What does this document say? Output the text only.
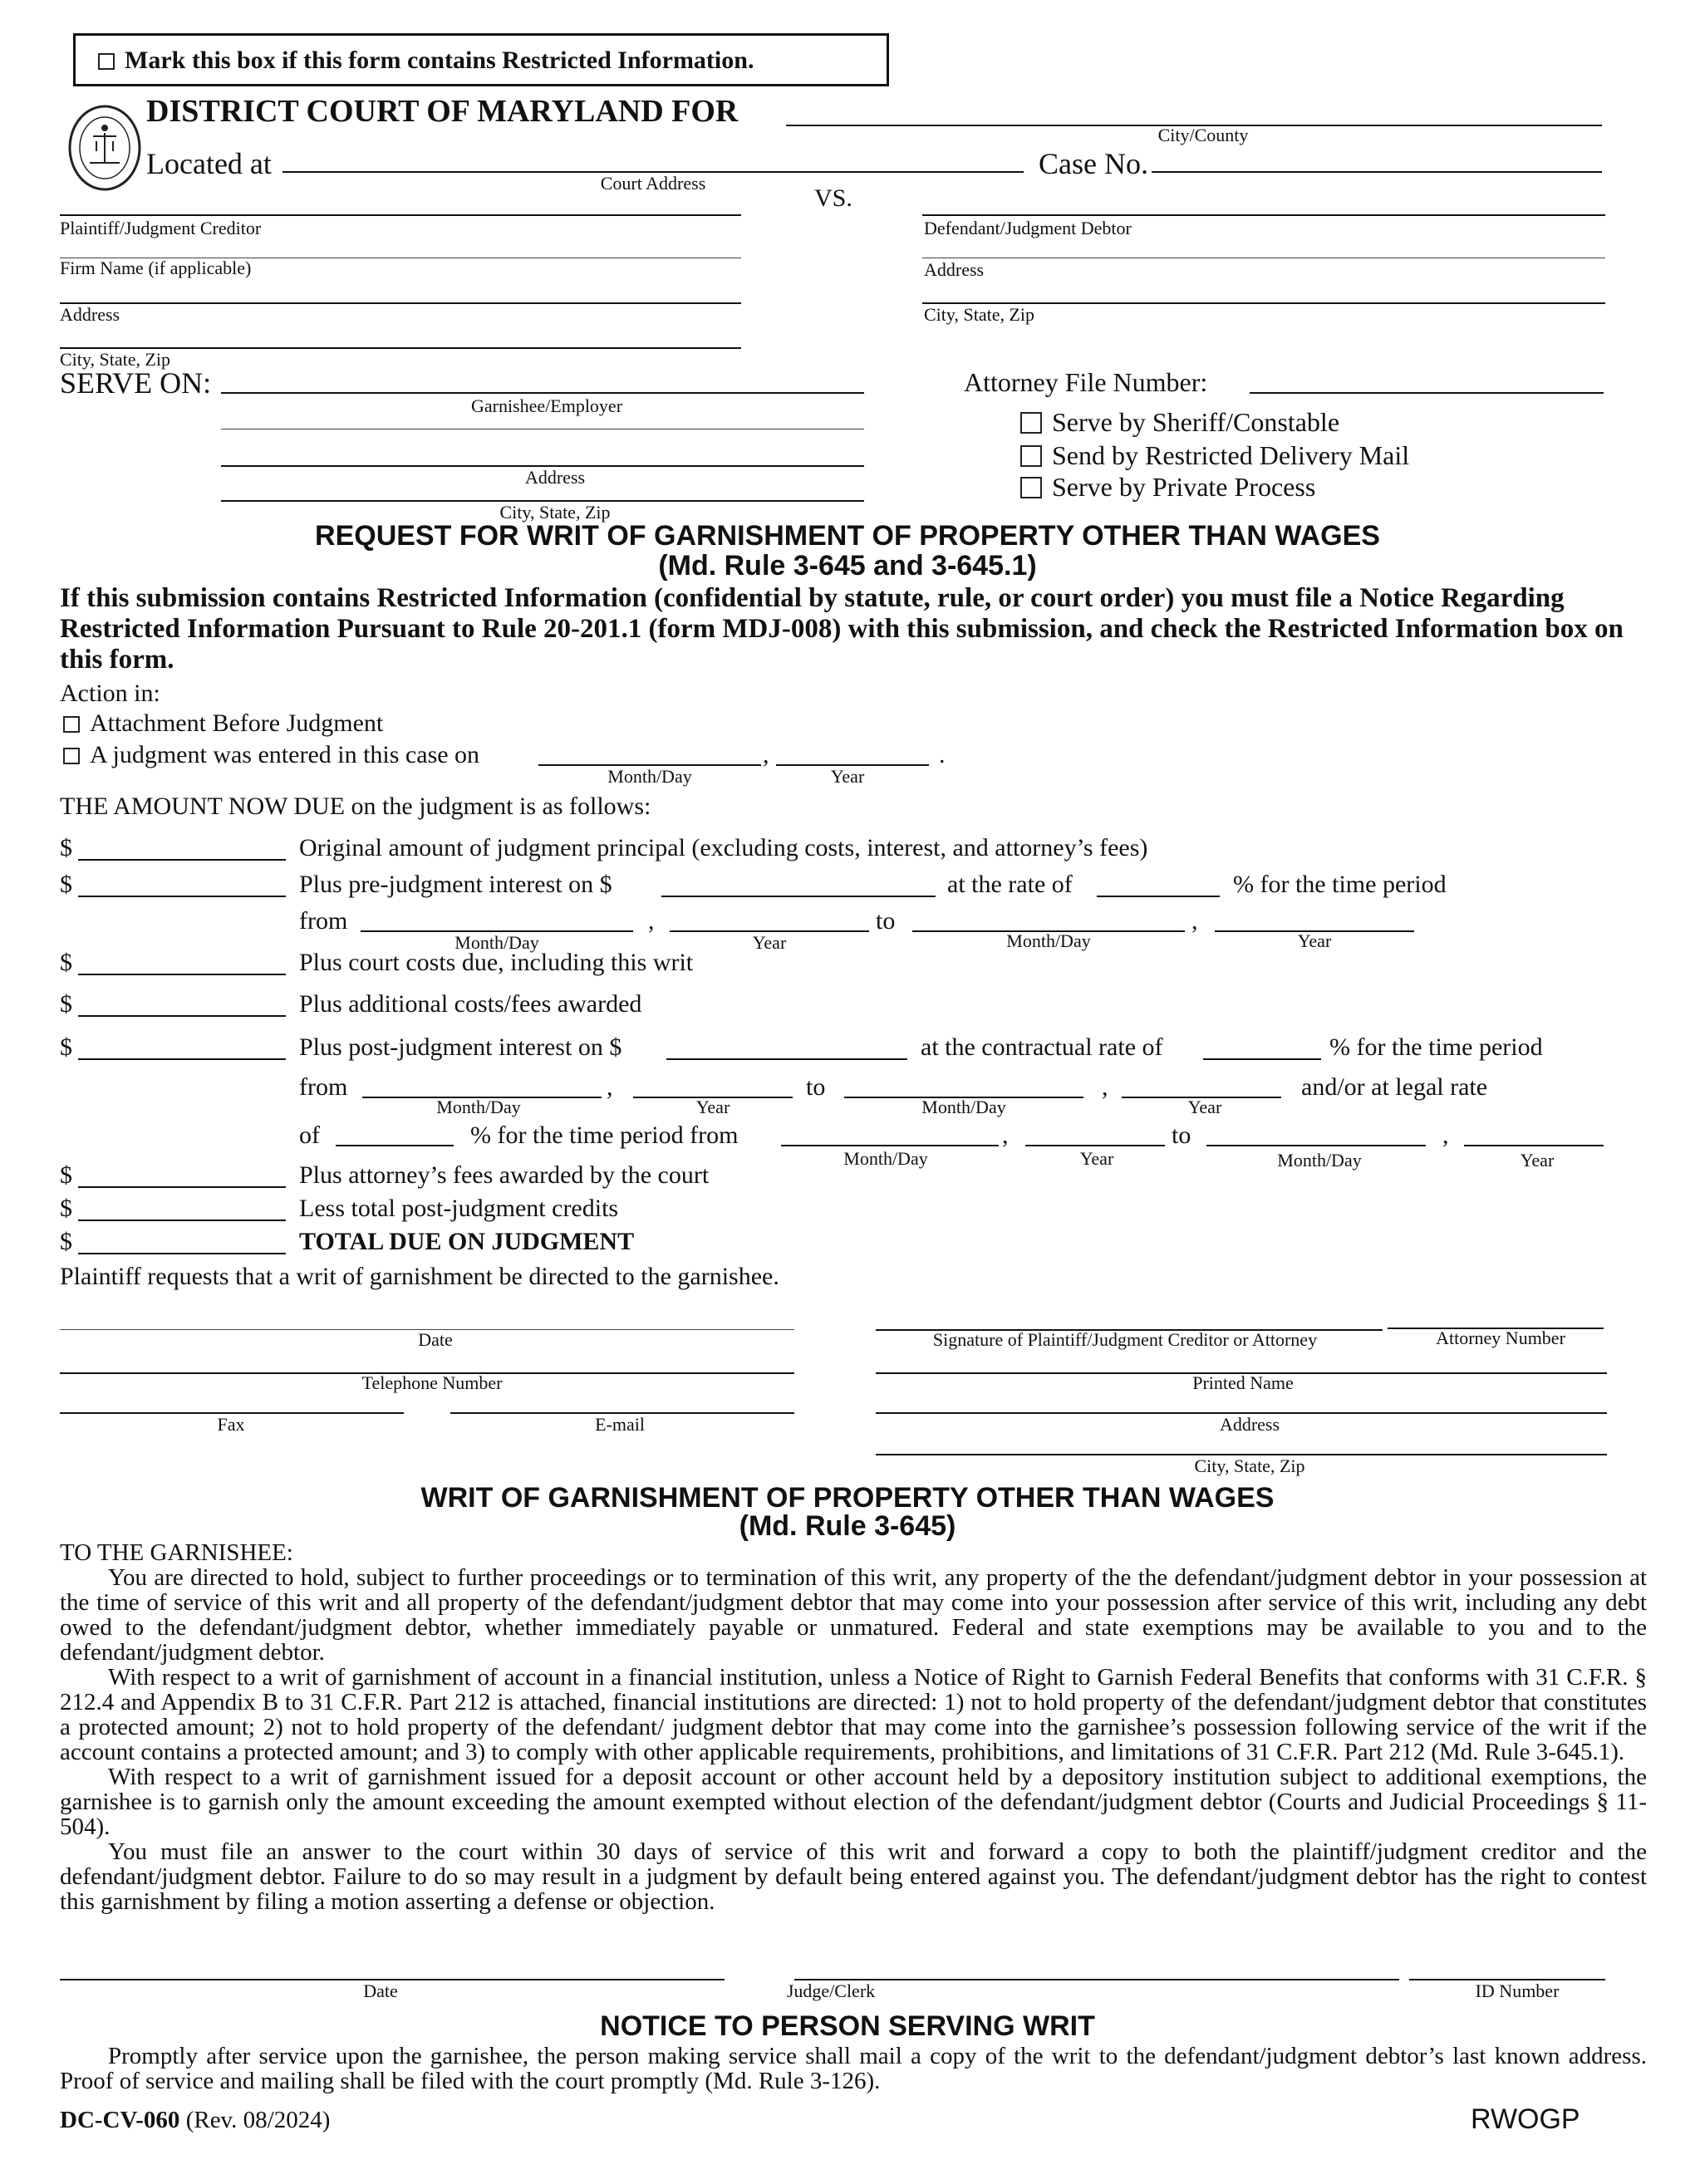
Mark this box if this form contains Restricted Information.
DISTRICT COURT OF MARYLAND FOR
City/County
Located at
Court Address
Case No.
VS.
Plaintiff/Judgment Creditor
Firm Name (if applicable)
Address
City, State, Zip
Defendant/Judgment Debtor
Address
City, State, Zip
SERVE ON:
Garnishee/Employer
Address
City, State, Zip
Attorney File Number:
Serve by Sheriff/Constable
Send by Restricted Delivery Mail
Serve by Private Process
REQUEST FOR WRIT OF GARNISHMENT OF PROPERTY OTHER THAN WAGES
(Md. Rule 3-645 and 3-645.1)
If this submission contains Restricted Information (confidential by statute, rule, or court order) you must file a Notice Regarding Restricted Information Pursuant to Rule 20-201.1 (form MDJ-008) with this submission, and check the Restricted Information box on this form.
Action in:
Attachment Before Judgment
A judgment was entered in this case on
Month/Day
,
Year
.
THE AMOUNT NOW DUE on the judgment is as follows:
$	Original amount of judgment principal (excluding costs, interest, and attorney’s fees)
$	Plus pre-judgment interest on $	at the rate of	% for the time period
from
Month/Day
,
Year
to
Month/Day
,
Year
$	Plus court costs due, including this writ
$	Plus additional costs/fees awarded
$	Plus post-judgment interest on $	at the contractual rate of	% for the time period
from
Month/Day
,
Year
to
Month/Day
,
Year
and/or at legal rate
of	% for the time period from
Month/Day
,
Year
to
Month/Day
,
Year
$	Plus attorney’s fees awarded by the court
$	Less total post-judgment credits
$	TOTAL DUE ON JUDGMENT
Plaintiff requests that a writ of garnishment be directed to the garnishee.
Date	Signature of Plaintiff/Judgment Creditor or Attorney	Attorney Number
Telephone Number	Printed Name
Fax	E-mail	Address
City, State, Zip
WRIT OF GARNISHMENT OF PROPERTY OTHER THAN WAGES
(Md. Rule 3-645)

TO THE GARNISHEE:

You are directed to hold, subject to further proceedings or to termination of this writ, any property of the the defendant/judgment debtor in your possession at the time of service of this writ and all property of the defendant/judgment debtor that may come into your possession after service of this writ, including any debt owed to the defendant/judgment debtor, whether immediately payable or unmatured. Federal and state exemptions may be available to you and to the defendant/judgment debtor.

With respect to a writ of garnishment of account in a financial institution, unless a Notice of Right to Garnish Federal Benefits that conforms with 31 C.F.R. § 212.4 and Appendix B to 31 C.F.R. Part 212 is attached, financial institutions are directed: 1) not to hold property of the defendant/judgment debtor that constitutes a protected amount; 2) not to hold property of the defendant/ judgment debtor that may come into the garnishee’s possession following service of the writ if the account contains a protected amount; and 3) to comply with other applicable requirements, prohibitions, and limitations of 31 C.F.R. Part 212 (Md. Rule 3-645.1).

With respect to a writ of garnishment issued for a deposit account or other account held by a depository institution subject to additional exemptions, the garnishee is to garnish only the amount exceeding the amount exempted without election of the defendant/judgment debtor (Courts and Judicial Proceedings § 11-504).

You must file an answer to the court within 30 days of service of this writ and forward a copy to both the plaintiff/judgment creditor and the defendant/judgment debtor. Failure to do so may result in a judgment by default being entered against you. The defendant/judgment debtor has the right to contest this garnishment by filing a motion asserting a defense or objection.

Date	Judge/Clerk	ID Number
NOTICE TO PERSON SERVING WRIT

Promptly after service upon the garnishee, the person making service shall mail a copy of the writ to the defendant/judgment debtor’s last known address. Proof of service and mailing shall be filed with the court promptly (Md. Rule 3-126).

DC-CV-060 (Rev. 08/2024)	RWOGP
